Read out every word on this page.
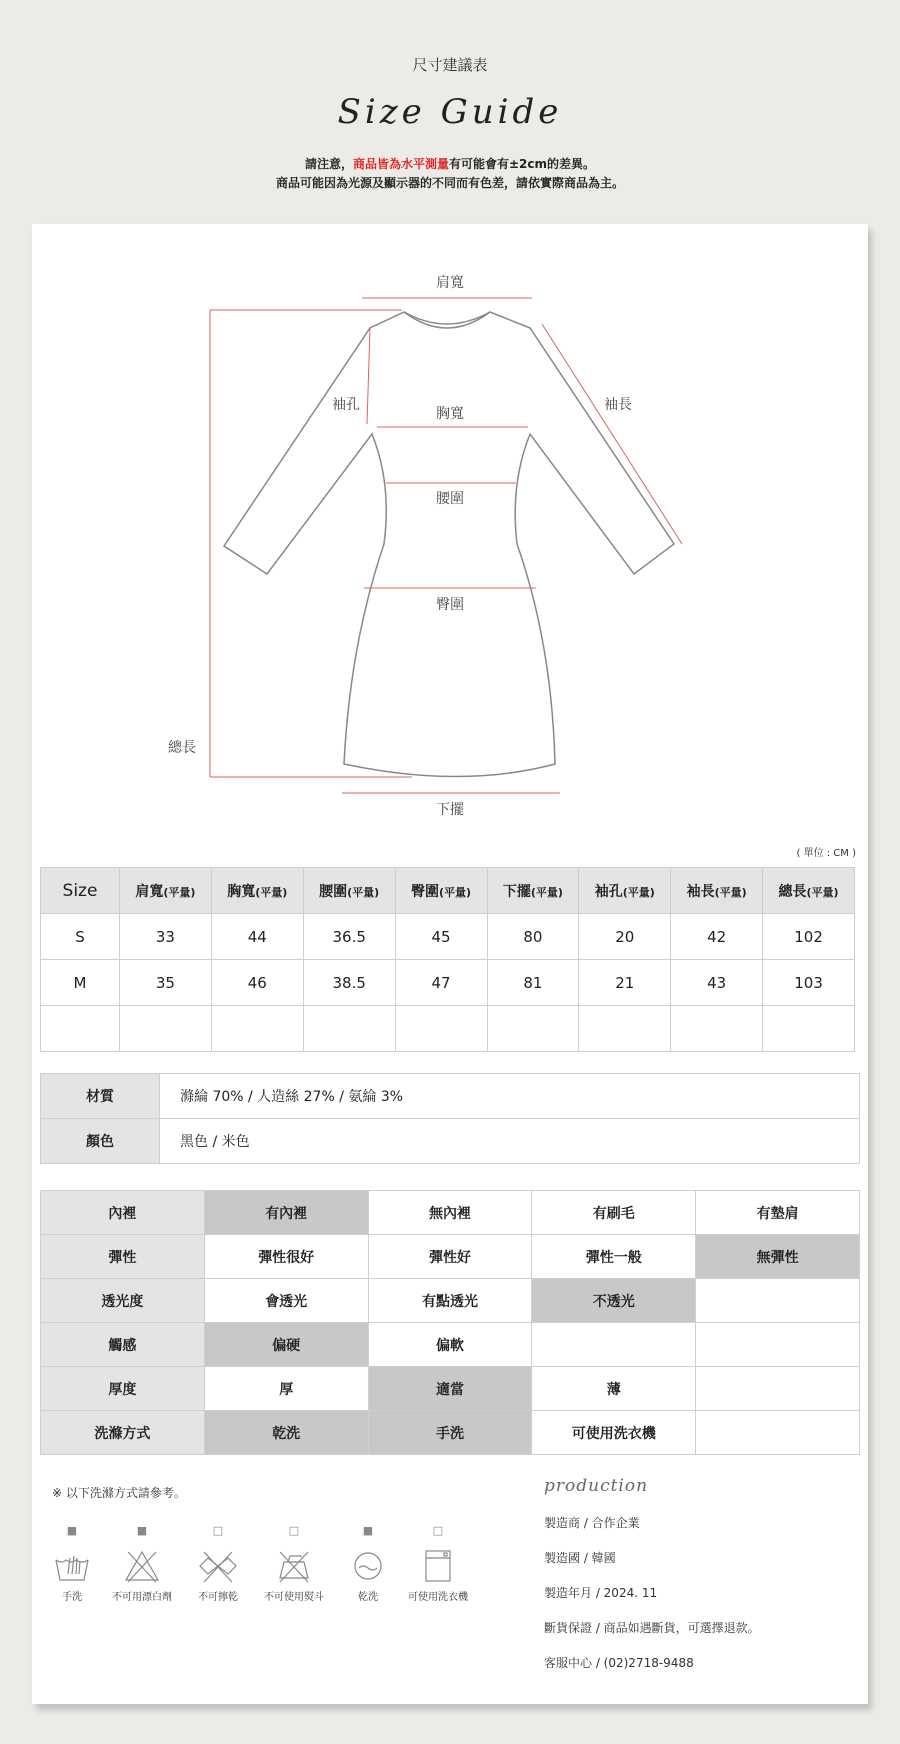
尺寸建議表
Size Guide
請注意，商品皆為水平測量有可能會有±2cm的差異。
商品可能因為光源及顯示器的不同而有色差，請依實際商品為主。
肩寬
袖孔
胸寬
袖長
腰圍
臀圍
總長
下擺
( 單位 : CM )
Size	肩寬(平量)	胸寬(平量)	腰圍(平量)	臀圍(平量)	下擺(平量)	袖孔(平量)	袖長(平量)	總長(平量)
S	33	44	36.5	45	80	20	42	102
M	35	46	38.5	47	81	21	43	103

材質	滌綸 70% / 人造絲 27% / 氨綸 3%
顏色	黑色 / 米色
內裡	有內裡	無內裡	有刷毛	有墊肩
彈性	彈性很好	彈性好	彈性一般	無彈性
透光度	會透光	有點透光	不透光	
觸感	偏硬	偏軟		
厚度	厚	適當	薄	
洗滌方式	乾洗	手洗	可使用洗衣機	
※ 以下洗滌方式請參考。
■
手洗
■
不可用漂白劑
□
不可擰乾
□
不可使用熨斗
■
乾洗
□
可使用洗衣機
production
製造商 / 合作企業
製造國 / 韓國
製造年月 / 2024. 11
斷貨保證 / 商品如遇斷貨，可選擇退款。
客服中心 / (02)2718-9488
